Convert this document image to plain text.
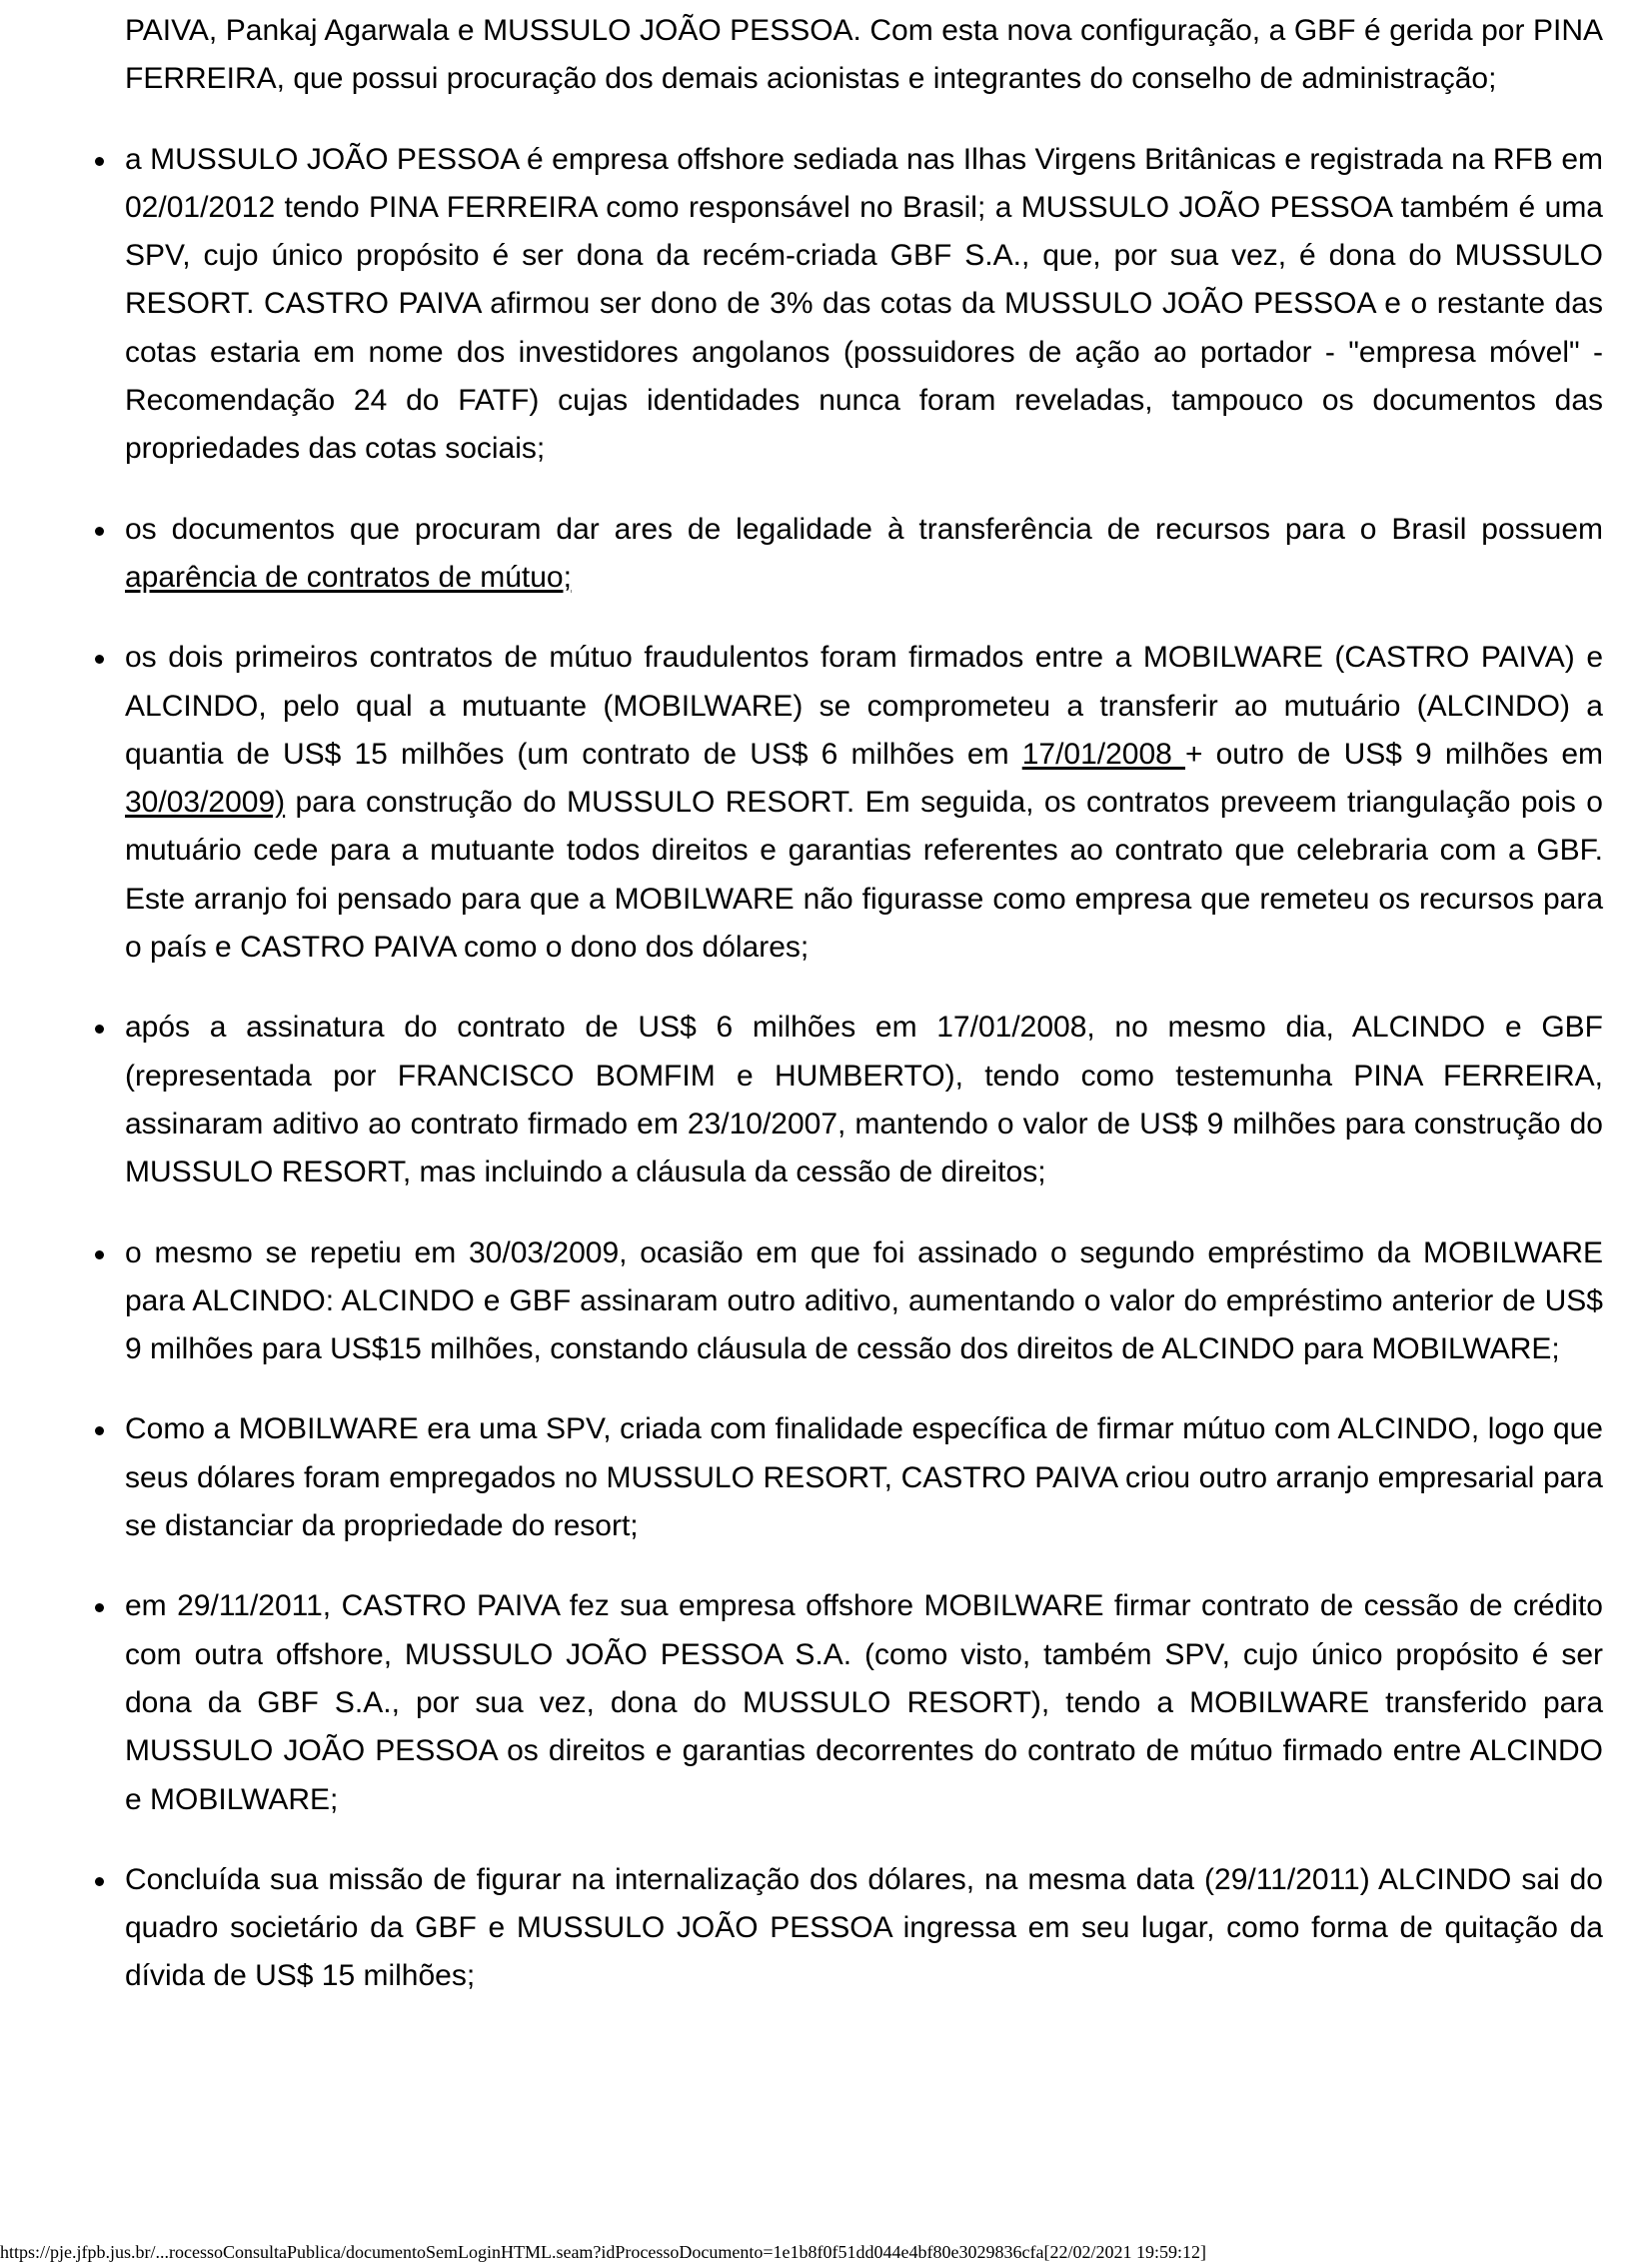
PAIVA, Pankaj Agarwala e MUSSULO JOÃO PESSOA. Com esta nova configuração, a GBF é gerida por PINA FERREIRA, que possui procuração dos demais acionistas e integrantes do conselho de administração;

a MUSSULO JOÃO PESSOA é empresa offshore sediada nas Ilhas Virgens Britânicas e registrada na RFB em 02/01/2012 tendo PINA FERREIRA como responsável no Brasil; a MUSSULO JOÃO PESSOA também é uma SPV, cujo único propósito é ser dona da recém-criada GBF S.A., que, por sua vez, é dona do MUSSULO RESORT. CASTRO PAIVA afirmou ser dono de 3% das cotas da MUSSULO JOÃO PESSOA e o restante das cotas estaria em nome dos investidores angolanos (possuidores de ação ao portador - "empresa móvel" - Recomendação 24 do FATF) cujas identidades nunca foram reveladas, tampouco os documentos das propriedades das cotas sociais;
os documentos que procuram dar ares de legalidade à transferência de recursos para o Brasil possuem aparência de contratos de mútuo;
os dois primeiros contratos de mútuo fraudulentos foram firmados entre a MOBILWARE (CASTRO PAIVA) e ALCINDO, pelo qual a mutuante (MOBILWARE) se comprometeu a transferir ao mutuário (ALCINDO) a quantia de US$ 15 milhões (um contrato de US$ 6 milhões em 17/01/2008 + outro de US$ 9 milhões em 30/03/2009) para construção do MUSSULO RESORT. Em seguida, os contratos preveem triangulação pois o mutuário cede para a mutuante todos direitos e garantias referentes ao contrato que celebraria com a GBF. Este arranjo foi pensado para que a MOBILWARE não figurasse como empresa que remeteu os recursos para o país e CASTRO PAIVA como o dono dos dólares;
após a assinatura do contrato de US$ 6 milhões em 17/01/2008, no mesmo dia, ALCINDO e GBF (representada por FRANCISCO BOMFIM e HUMBERTO), tendo como testemunha PINA FERREIRA, assinaram aditivo ao contrato firmado em 23/10/2007, mantendo o valor de US$ 9 milhões para construção do MUSSULO RESORT, mas incluindo a cláusula da cessão de direitos;
o mesmo se repetiu em 30/03/2009, ocasião em que foi assinado o segundo empréstimo da MOBILWARE para ALCINDO: ALCINDO e GBF assinaram outro aditivo, aumentando o valor do empréstimo anterior de US$ 9 milhões para US$15 milhões, constando cláusula de cessão dos direitos de ALCINDO para MOBILWARE;
Como a MOBILWARE era uma SPV, criada com finalidade específica de firmar mútuo com ALCINDO, logo que seus dólares foram empregados no MUSSULO RESORT, CASTRO PAIVA criou outro arranjo empresarial para se distanciar da propriedade do resort;
em 29/11/2011, CASTRO PAIVA fez sua empresa offshore MOBILWARE firmar contrato de cessão de crédito com outra offshore, MUSSULO JOÃO PESSOA S.A. (como visto, também SPV, cujo único propósito é ser dona da GBF S.A., por sua vez, dona do MUSSULO RESORT), tendo a MOBILWARE transferido para MUSSULO JOÃO PESSOA os direitos e garantias decorrentes do contrato de mútuo firmado entre ALCINDO e MOBILWARE;
Concluída sua missão de figurar na internalização dos dólares, na mesma data (29/11/2011) ALCINDO sai do quadro societário da GBF e MUSSULO JOÃO PESSOA ingressa em seu lugar, como forma de quitação da dívida de US$ 15 milhões;
https://pje.jfpb.jus.br/...rocessoConsultaPublica/documentoSemLoginHTML.seam?idProcessoDocumento=1e1b8f0f51dd044e4bf80e3029836cfa[22/02/2021 19:59:12]
